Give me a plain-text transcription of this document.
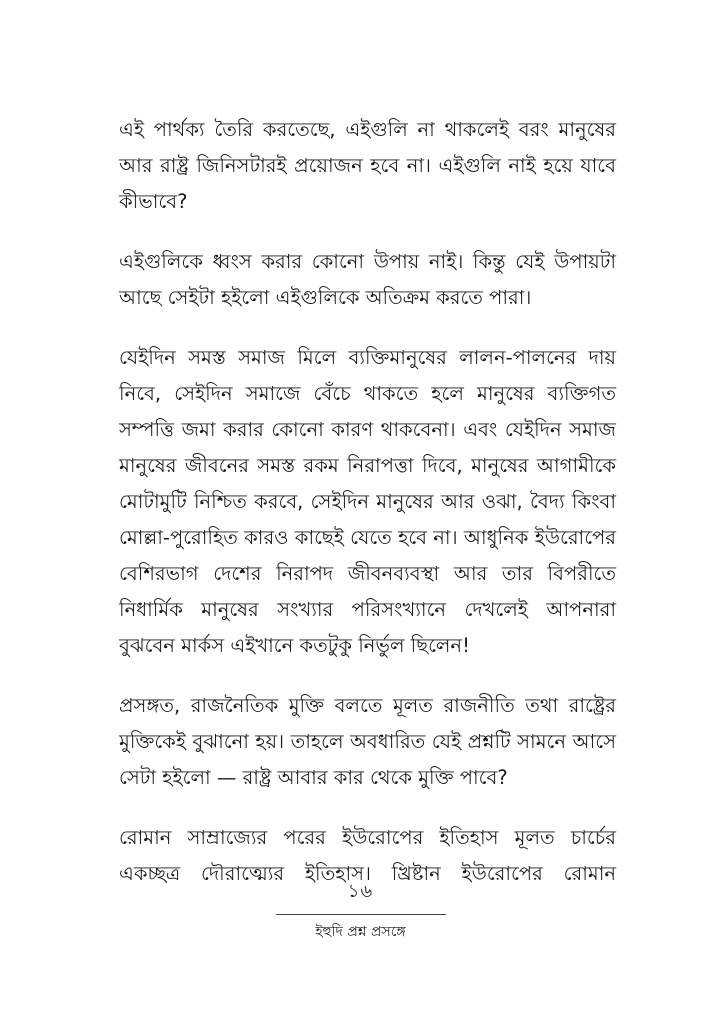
এই পার্থক্য তৈরি করতেছে, এইগুলি না থাকলেই বরং মানুষের আর রাষ্ট্র জিনিসটারই প্রয়োজন হবে না। এইগুলি নাই হয়ে যাবে কীভাবে?

এইগুলিকে ধ্বংস করার কোনো উপায় নাই। কিন্তু যেই উপায়টা আছে সেইটা হইলো এইগুলিকে অতিক্রম করতে পারা।

যেইদিন সমস্ত সমাজ মিলে ব্যক্তিমানুষের লালন-পালনের দায় নিবে, সেইদিন সমাজে বেঁচে থাকতে হলে মানুষের ব্যক্তিগত সম্পত্তি জমা করার কোনো কারণ থাকবেনা। এবং যেইদিন সমাজ মানুষের জীবনের সমস্ত রকম নিরাপত্তা দিবে, মানুষের আগামীকে মোটামুটি নিশ্চিত করবে, সেইদিন মানুষের আর ওঝা, বৈদ্য কিংবা মোল্লা-পুরোহিত কারও কাছেই যেতে হবে না। আধুনিক ইউরোপের বেশিরভাগ দেশের নিরাপদ জীবনব্যবস্থা আর তার বিপরীতে নিধার্মিক মানুষের সংখ্যার পরিসংখ্যানে দেখলেই আপনারা বুঝবেন মার্কস এইখানে কতটুকু নির্ভুল ছিলেন!

প্রসঙ্গত, রাজনৈতিক মুক্তি বলতে মূলত রাজনীতি তথা রাষ্ট্রের মুক্তিকেই বুঝানো হয়। তাহলে অবধারিত যেই প্রশ্নটি সামনে আসে সেটা হইলো — রাষ্ট্র আবার কার থেকে মুক্তি পাবে?

রোমান সাম্রাজ্যের পরের ইউরোপের ইতিহাস মূলত চার্চের একচ্ছত্র দৌরাত্ম্যের ইতিহাস। খ্রিষ্টান ইউরোপের রোমান

১৬
ইহুদি প্রশ্ন প্রসঙ্গে
